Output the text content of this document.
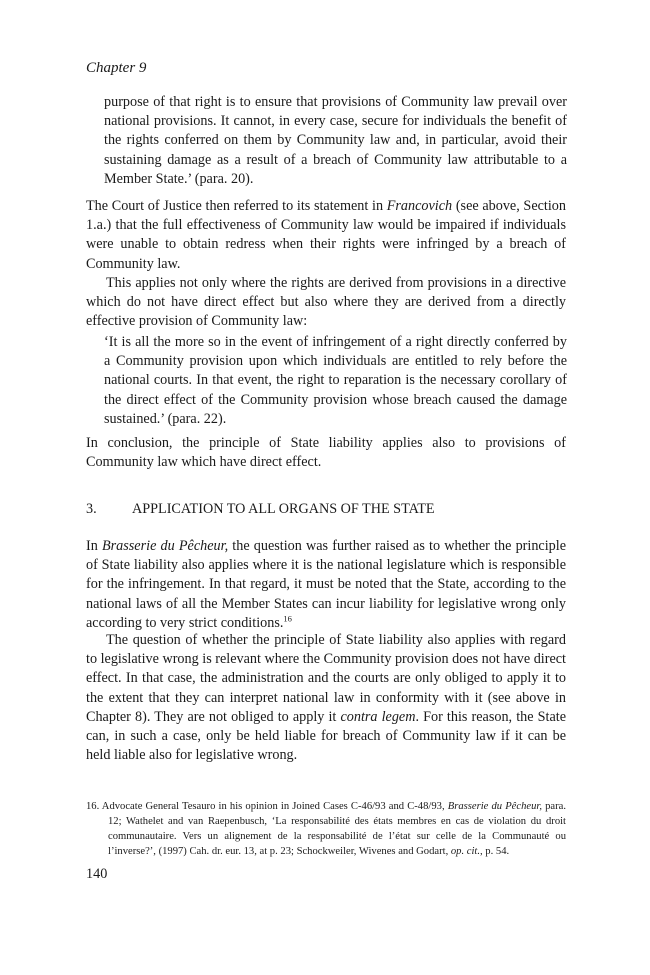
Chapter 9

purpose of that right is to ensure that provisions of Community law prevail over national provisions. It cannot, in every case, secure for individuals the benefit of the rights conferred on them by Community law and, in particular, avoid their sustaining damage as a result of a breach of Community law attributable to a Member State.’ (para. 20).

The Court of Justice then referred to its statement in Francovich (see above, Section 1.a.) that the full effectiveness of Community law would be impaired if individuals were unable to obtain redress when their rights were infringed by a breach of Community law.

This applies not only where the rights are derived from provisions in a directive which do not have direct effect but also where they are derived from a directly effective provision of Community law:

‘It is all the more so in the event of infringement of a right directly conferred by a Community provision upon which individuals are entitled to rely before the national courts. In that event, the right to reparation is the necessary corollary of the direct effect of the Community provision whose breach caused the damage sustained.’ (para. 22).

In conclusion, the principle of State liability applies also to provisions of Community law which have direct effect.

3. APPLICATION TO ALL ORGANS OF THE STATE

In Brasserie du Pêcheur, the question was further raised as to whether the principle of State liability also applies where it is the national legislature which is responsible for the infringement. In that regard, it must be noted that the State, according to the national laws of all the Member States can incur liability for legislative wrong only according to very strict conditions.$^{16}$

The question of whether the principle of State liability also applies with regard to legislative wrong is relevant where the Community provision does not have direct effect. In that case, the administration and the courts are only obliged to apply it to the extent that they can interpret national law in conformity with it (see above in Chapter 8). They are not obliged to apply it contra legem. For this reason, the State can, in such a case, only be held liable for breach of Community law if it can be held liable also for legislative wrong.

16. Advocate General Tesauro in his opinion in Joined Cases C-46/93 and C-48/93, Brasserie du Pêcheur, para. 12; Wathelet and van Raepenbusch, ‘La responsabilité des états membres en cas de violation du droit communautaire. Vers un alignement de la responsabilité de l’état sur celle de la Communauté ou l’inverse?’, (1997) Cah. dr. eur. 13, at p. 23; Schockweiler, Wivenes and Godart, op. cit., p. 54.
140
